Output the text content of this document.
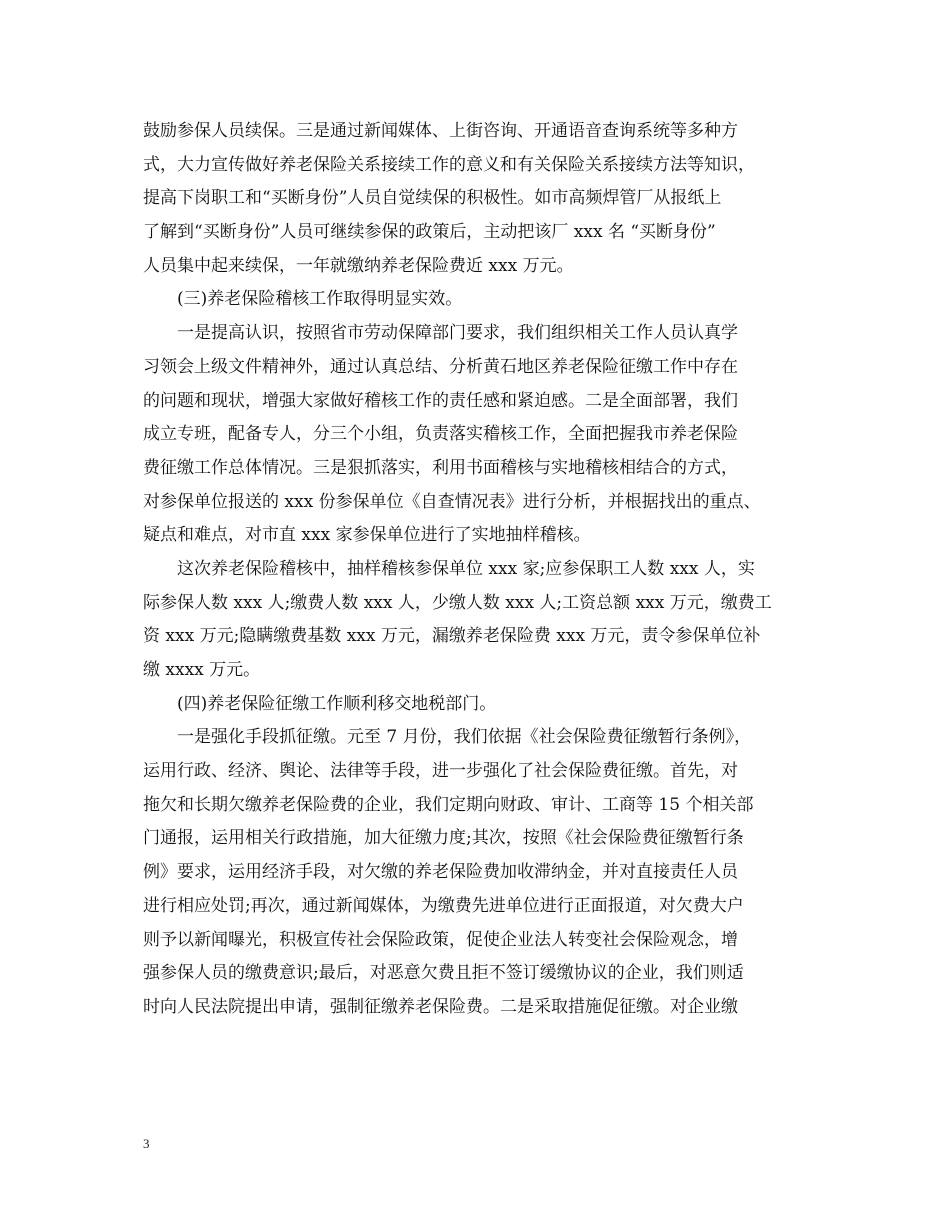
鼓励参保人员续保。三是通过新闻媒体、上街咨询、开通语音查询系统等多种方
式，大力宣传做好养老保险关系接续工作的意义和有关保险关系接续方法等知识，
提高下岗职工和“买断身份”人员自觉续保的积极性。如市高频焊管厂从报纸上
了解到“买断身份”人员可继续参保的政策后，主动把该厂 xxx 名 “买断身份”
人员集中起来续保，一年就缴纳养老保险费近 xxx 万元。
(三)养老保险稽核工作取得明显实效。
一是提高认识，按照省市劳动保障部门要求，我们组织相关工作人员认真学
习领会上级文件精神外，通过认真总结、分析黄石地区养老保险征缴工作中存在
的问题和现状，增强大家做好稽核工作的责任感和紧迫感。二是全面部署，我们
成立专班，配备专人，分三个小组，负责落实稽核工作，全面把握我市养老保险
费征缴工作总体情况。三是狠抓落实，利用书面稽核与实地稽核相结合的方式，
对参保单位报送的 xxx 份参保单位《自查情况表》进行分析，并根据找出的重点、
疑点和难点，对市直 xxx 家参保单位进行了实地抽样稽核。
这次养老保险稽核中，抽样稽核参保单位 xxx 家;应参保职工人数 xxx 人，实
际参保人数 xxx 人;缴费人数 xxx 人，少缴人数 xxx 人;工资总额 xxx 万元，缴费工
资 xxx 万元;隐瞒缴费基数 xxx 万元，漏缴养老保险费 xxx 万元，责令参保单位补
缴 xxxx 万元。
(四)养老保险征缴工作顺利移交地税部门。
一是强化手段抓征缴。元至 7 月份，我们依据《社会保险费征缴暂行条例》，
运用行政、经济、舆论、法律等手段，进一步强化了社会保险费征缴。首先，对
拖欠和长期欠缴养老保险费的企业，我们定期向财政、审计、工商等 15 个相关部
门通报，运用相关行政措施，加大征缴力度;其次，按照《社会保险费征缴暂行条
例》要求，运用经济手段，对欠缴的养老保险费加收滞纳金，并对直接责任人员
进行相应处罚;再次，通过新闻媒体，为缴费先进单位进行正面报道，对欠费大户
则予以新闻曝光，积极宣传社会保险政策，促使企业法人转变社会保险观念，增
强参保人员的缴费意识;最后，对恶意欠费且拒不签订缓缴协议的企业，我们则适
时向人民法院提出申请，强制征缴养老保险费。二是采取措施促征缴。对企业缴
3
